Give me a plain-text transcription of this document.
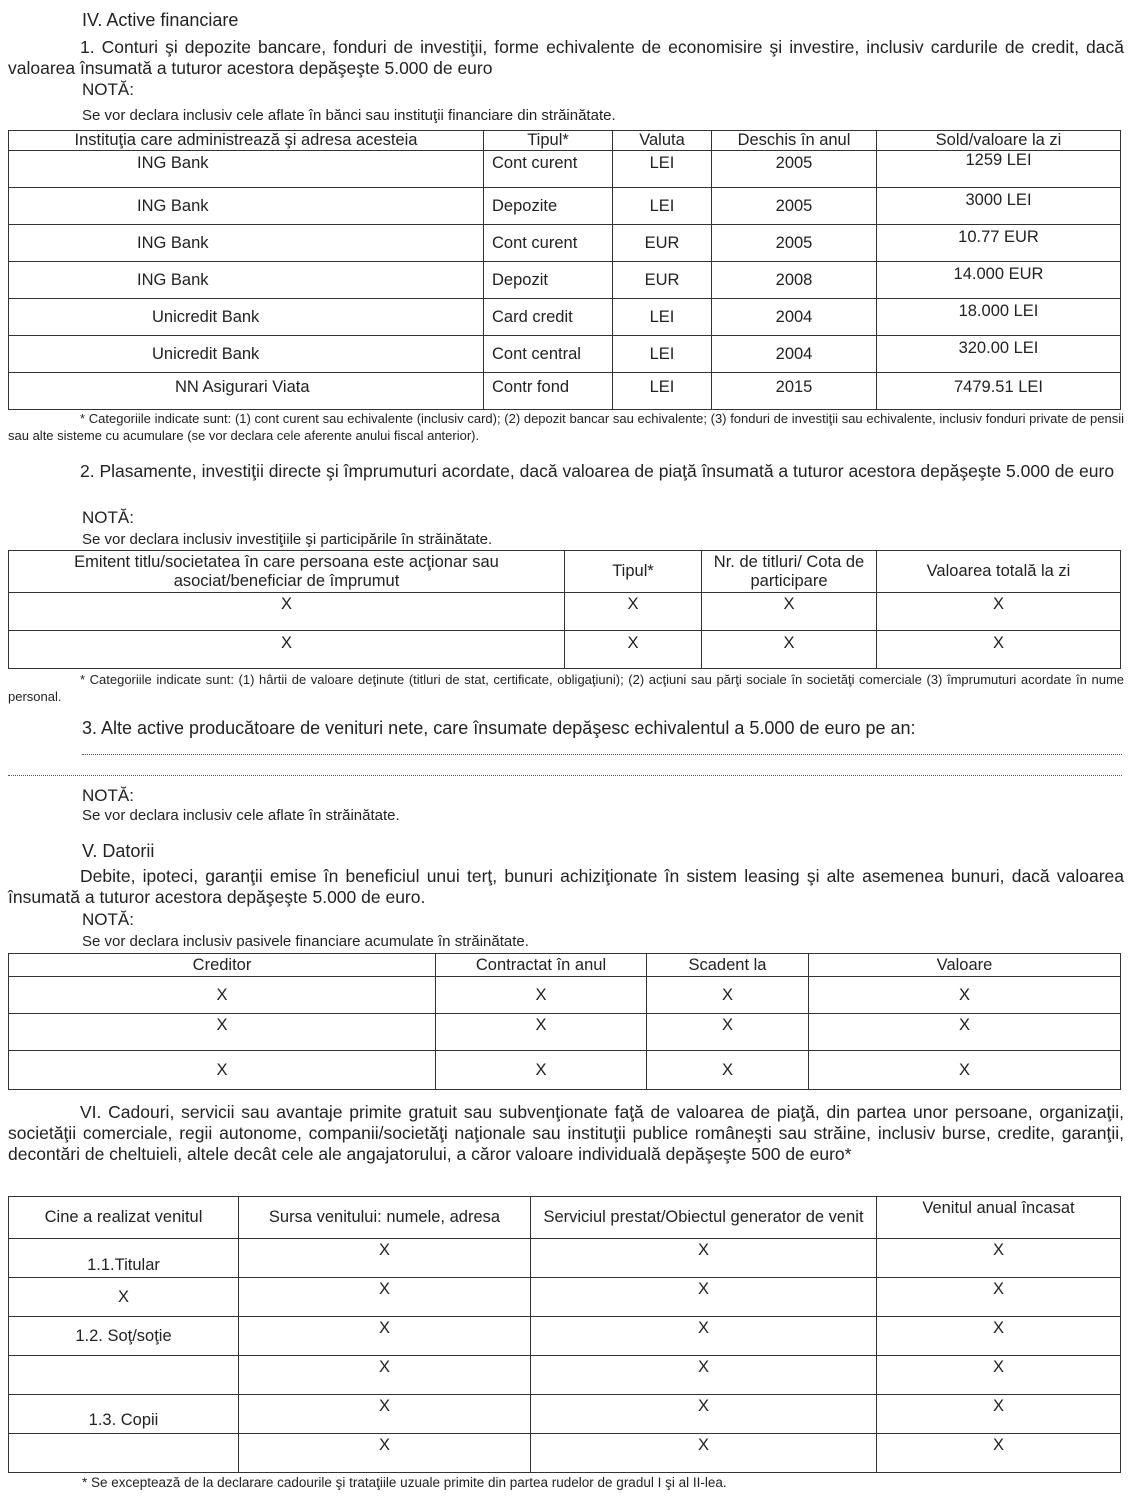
IV. Active financiare
1. Conturi şi depozite bancare, fonduri de investiţii, forme echivalente de economisire şi investire, inclusiv cardurile de credit, dacă valoarea însumată a tuturor acestora depăşeşte 5.000 de euro
NOTĂ:
Se vor declara inclusiv cele aflate în bănci sau instituţii financiare din străinătate.
Instituţia care administrează şi adresa acesteia	Tipul*	Valuta	Deschis în anul	Sold/valoare la zi
ING Bank	Cont curent	LEI	2005	1259 LEI
ING Bank	Depozite	LEI	2005	3000 LEI
ING Bank	Cont curent	EUR	2005	10.77 EUR
ING Bank	Depozit	EUR	2008	14.000 EUR
Unicredit Bank	Card credit	LEI	2004	18.000 LEI
Unicredit Bank	Cont central	LEI	2004	320.00 LEI
NN Asigurari Viata	Contr fond	LEI	2015	7479.51 LEI
* Categoriile indicate sunt: (1) cont curent sau echivalente (inclusiv card); (2) depozit bancar sau echivalente; (3) fonduri de investiţii sau echivalente, inclusiv fonduri private de pensii sau alte sisteme cu acumulare (se vor declara cele aferente anului fiscal anterior).
2. Plasamente, investiţii directe şi împrumuturi acordate, dacă valoarea de piaţă însumată a tuturor acestora depăşeşte 5.000 de euro
NOTĂ:
Se vor declara inclusiv investiţiile şi participările în străinătate.
Emitent titlu/societatea în care persoana este acţionar sau asociat/beneficiar de împrumut	Tipul*	Nr. de titluri/ Cota de participare	Valoarea totală la zi
X	X	X	X
X	X	X	X
* Categoriile indicate sunt: (1) hârtii de valoare deţinute (titluri de stat, certificate, obligaţiuni); (2) acţiuni sau părţi sociale în societăţi comerciale (3) împrumuturi acordate în nume personal.
3. Alte active producătoare de venituri nete, care însumate depăşesc echivalentul a 5.000 de euro pe an:
NOTĂ:
Se vor declara inclusiv cele aflate în străinătate.
V. Datorii
Debite, ipoteci, garanţii emise în beneficiul unui terţ, bunuri achiziţionate în sistem leasing şi alte asemenea bunuri, dacă valoarea însumată a tuturor acestora depăşeşte 5.000 de euro.
NOTĂ:
Se vor declara inclusiv pasivele financiare acumulate în străinătate.
Creditor	Contractat în anul	Scadent la	Valoare
X	X	X	X
X	X	X	X
X	X	X	X
VI. Cadouri, servicii sau avantaje primite gratuit sau subvenţionate faţă de valoarea de piaţă, din partea unor persoane, organizaţii, societăţii comerciale, regii autonome, companii/societăţi naţionale sau instituţii publice româneşti sau străine, inclusiv burse, credite, garanţii, decontări de cheltuieli, altele decât cele ale angajatorului, a căror valoare individuală depăşeşte 500 de euro*
Cine a realizat venitul	Sursa venitului: numele, adresa	Serviciul prestat/Obiectul generator de venit	Venitul anual încasat
1.1.Titular	X	X	X
X	X	X	X
1.2. Soţ/soţie	X	X	X
	X	X	X
1.3. Copii	X	X	X
	X	X	X
* Se exceptează de la declarare cadourile şi trataţiile uzuale primite din partea rudelor de gradul I şi al II-lea.
